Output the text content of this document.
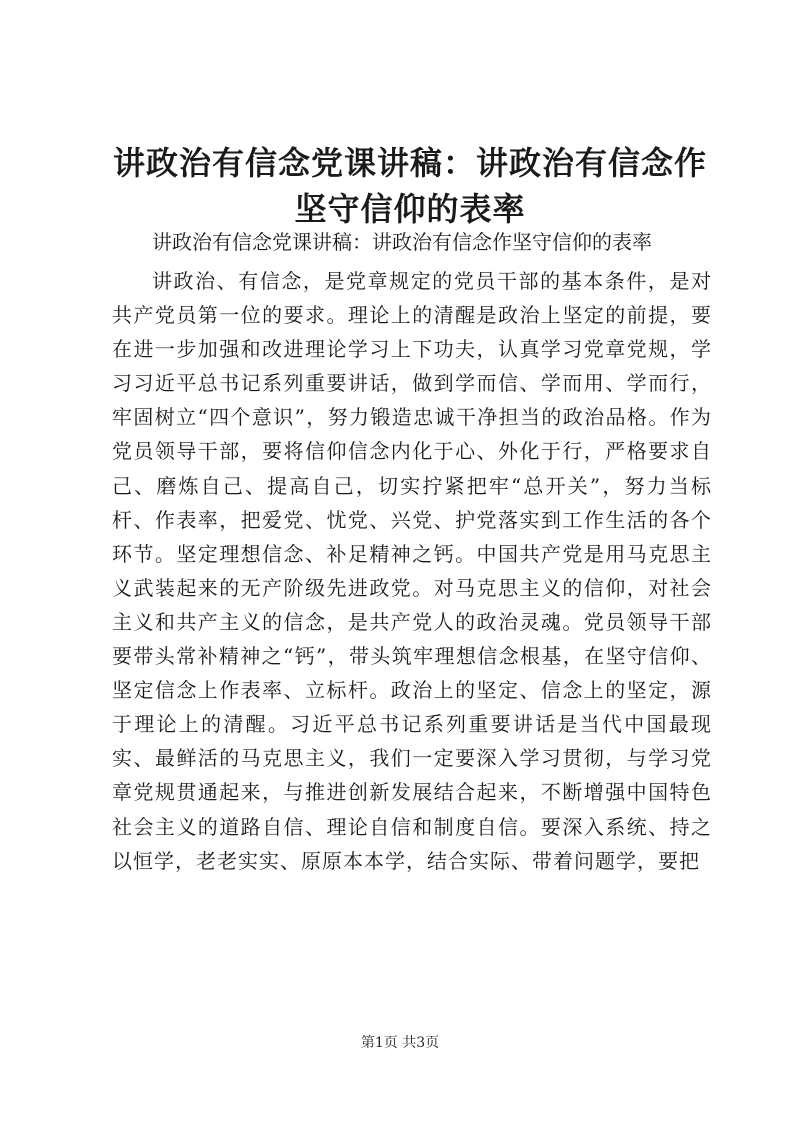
讲政治有信念党课讲稿：讲政治有信念作坚守信仰的表率

讲政治有信念党课讲稿：讲政治有信念作坚守信仰的表率

讲政治、有信念，是党章规定的党员干部的基本条件，是对共产党员第一位的要求。理论上的清醒是政治上坚定的前提，要在进一步加强和改进理论学习上下功夫，认真学习党章党规，学习习近平总书记系列重要讲话，做到学而信、学而用、学而行，牢固树立“四个意识”，努力锻造忠诚干净担当的政治品格。作为党员领导干部，要将信仰信念内化于心、外化于行，严格要求自己、磨炼自己、提高自己，切实拧紧把牢“总开关”，努力当标杆、作表率，把爱党、忧党、兴党、护党落实到工作生活的各个环节。坚定理想信念、补足精神之钙。中国共产党是用马克思主义武装起来的无产阶级先进政党。对马克思主义的信仰，对社会主义和共产主义的信念，是共产党人的政治灵魂。党员领导干部要带头常补精神之“钙”，带头筑牢理想信念根基，在坚守信仰、坚定信念上作表率、立标杆。政治上的坚定、信念上的坚定，源于理论上的清醒。习近平总书记系列重要讲话是当代中国最现实、最鲜活的马克思主义，我们一定要深入学习贯彻，与学习党章党规贯通起来，与推进创新发展结合起来，不断增强中国特色社会主义的道路自信、理论自信和制度自信。要深入系统、持之以恒学，老老实实、原原本本学，结合实际、带着问题学，要把

第1页 共3页
